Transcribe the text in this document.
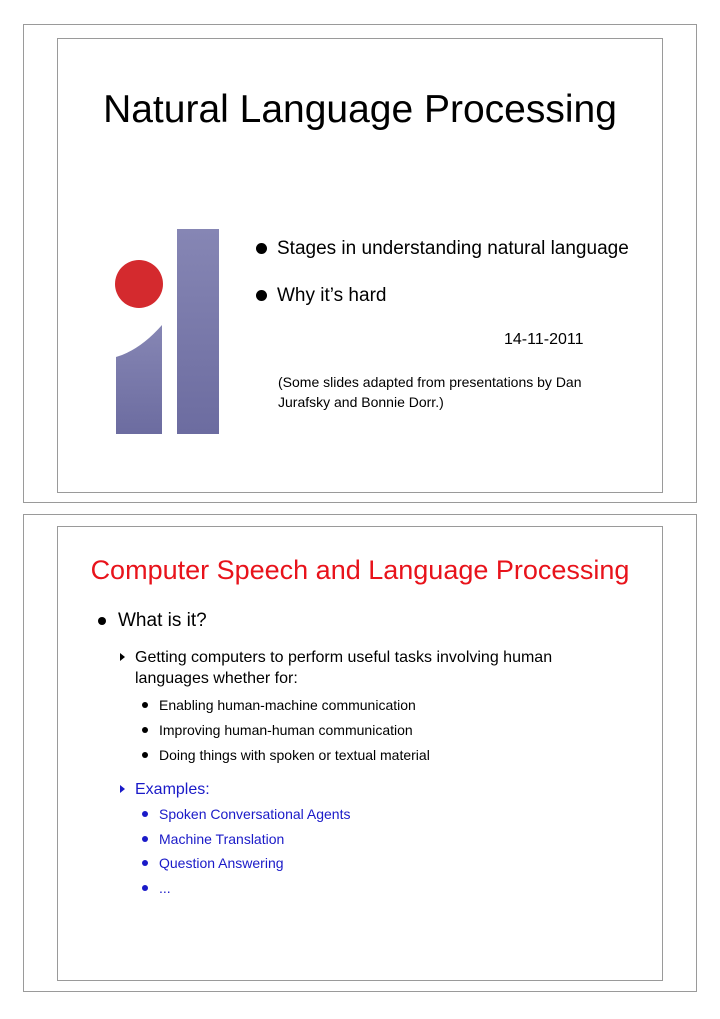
Natural Language Processing
Stages in understanding natural language
Why it’s hard
14-11-2011
(Some slides adapted from presentations by Dan Jurafsky and Bonnie Dorr.)
Computer Speech and Language Processing
What is it?
Getting computers to perform useful tasks involving human languages whether for:
Enabling human-machine communication
Improving human-human communication
Doing things with spoken or textual material
Examples:
Spoken Conversational Agents
Machine Translation
Question Answering
...
